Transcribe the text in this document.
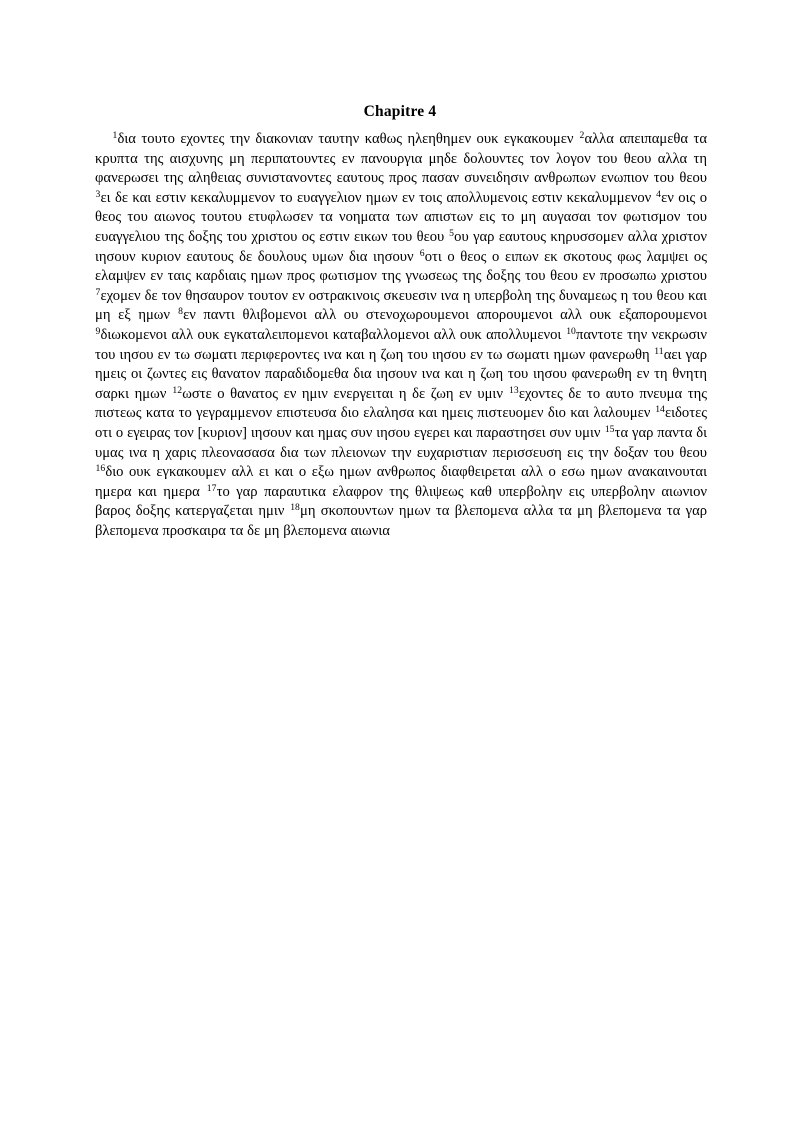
Chapitre 4
$^1$δια τουτο εχοντες την διακονιαν ταυτην καθως ηλεηθημεν ουκ εγκακουμεν $^2$αλλα απειπαμεθα τα κρυπτα της αισχυνης μη περιπατουντες εν πανουργια μηδε δολουντες τον λογον του θεου αλλα τη φανερωσει της αληθειας συνιστανοντες εαυτους προς πασαν συνειδησιν ανθρωπων ενωπιον του θεου $^3$ει δε και εστιν κεκαλυμμενον το ευαγγελιον ημων εν τοις απολλυμενοις εστιν κεκαλυμμενον $^4$εν οις ο θεος του αιωνος τουτου ετυφλωσεν τα νοηματα των απιστων εις το μη αυγασαι τον φωτισμον του ευαγγελιου της δοξης του χριστου ος εστιν εικων του θεου $^5$ου γαρ εαυτους κηρυσσομεν αλλα χριστον ιησουν κυριον εαυτους δε δουλους υμων δια ιησουν $^6$οτι ο θεος ο ειπων εκ σκοτους φως λαμψει ος ελαμψεν εν ταις καρδιαις ημων προς φωτισμον της γνωσεως της δοξης του θεου εν προσωπω χριστου $^7$εχομεν δε τον θησαυρον τουτον εν οστρακινοις σκευεσιν ινα η υπερβολη της δυναμεως η του θεου και μη εξ ημων $^8$εν παντι θλιβομενοι αλλ ου στενοχωρουμενοι απορουμενοι αλλ ουκ εξαπορουμενοι $^9$διωκομενοι αλλ ουκ εγκαταλειπομενοι καταβαλλομενοι αλλ ουκ απολλυμενοι $^{10}$παντοτε την νεκρωσιν του ιησου εν τω σωματι περιφεροντες ινα και η ζωη του ιησου εν τω σωματι ημων φανερωθη $^{11}$αει γαρ ημεις οι ζωντες εις θανατον παραδιδομεθα δια ιησουν ινα και η ζωη του ιησου φανερωθη εν τη θνητη σαρκι ημων $^{12}$ωστε ο θανατος εν ημιν ενεργειται η δε ζωη εν υμιν $^{13}$εχοντες δε το αυτο πνευμα της πιστεως κατα το γεγραμμενον επιστευσα διο ελαλησα και ημεις πιστευομεν διο και λαλουμεν $^{14}$ειδοτες οτι ο εγειρας τον [κυριον] ιησουν και ημας συν ιησου εγερει και παραστησει συν υμιν $^{15}$τα γαρ παντα δι υμας ινα η χαρις πλεονασασα δια των πλειονων την ευχαριστιαν περισσευση εις την δοξαν του θεου $^{16}$διο ουκ εγκακουμεν αλλ ει και ο εξω ημων ανθρωπος διαφθειρεται αλλ ο εσω ημων ανακαινουται ημερα και ημερα $^{17}$το γαρ παραυτικα ελαφρον της θλιψεως καθ υπερβολην εις υπερβολην αιωνιον βαρος δοξης κατεργαζεται ημιν $^{18}$μη σκοπουντων ημων τα βλεπομενα αλλα τα μη βλεπομενα τα γαρ βλεπομενα προσκαιρα τα δε μη βλεπομενα αιωνια
